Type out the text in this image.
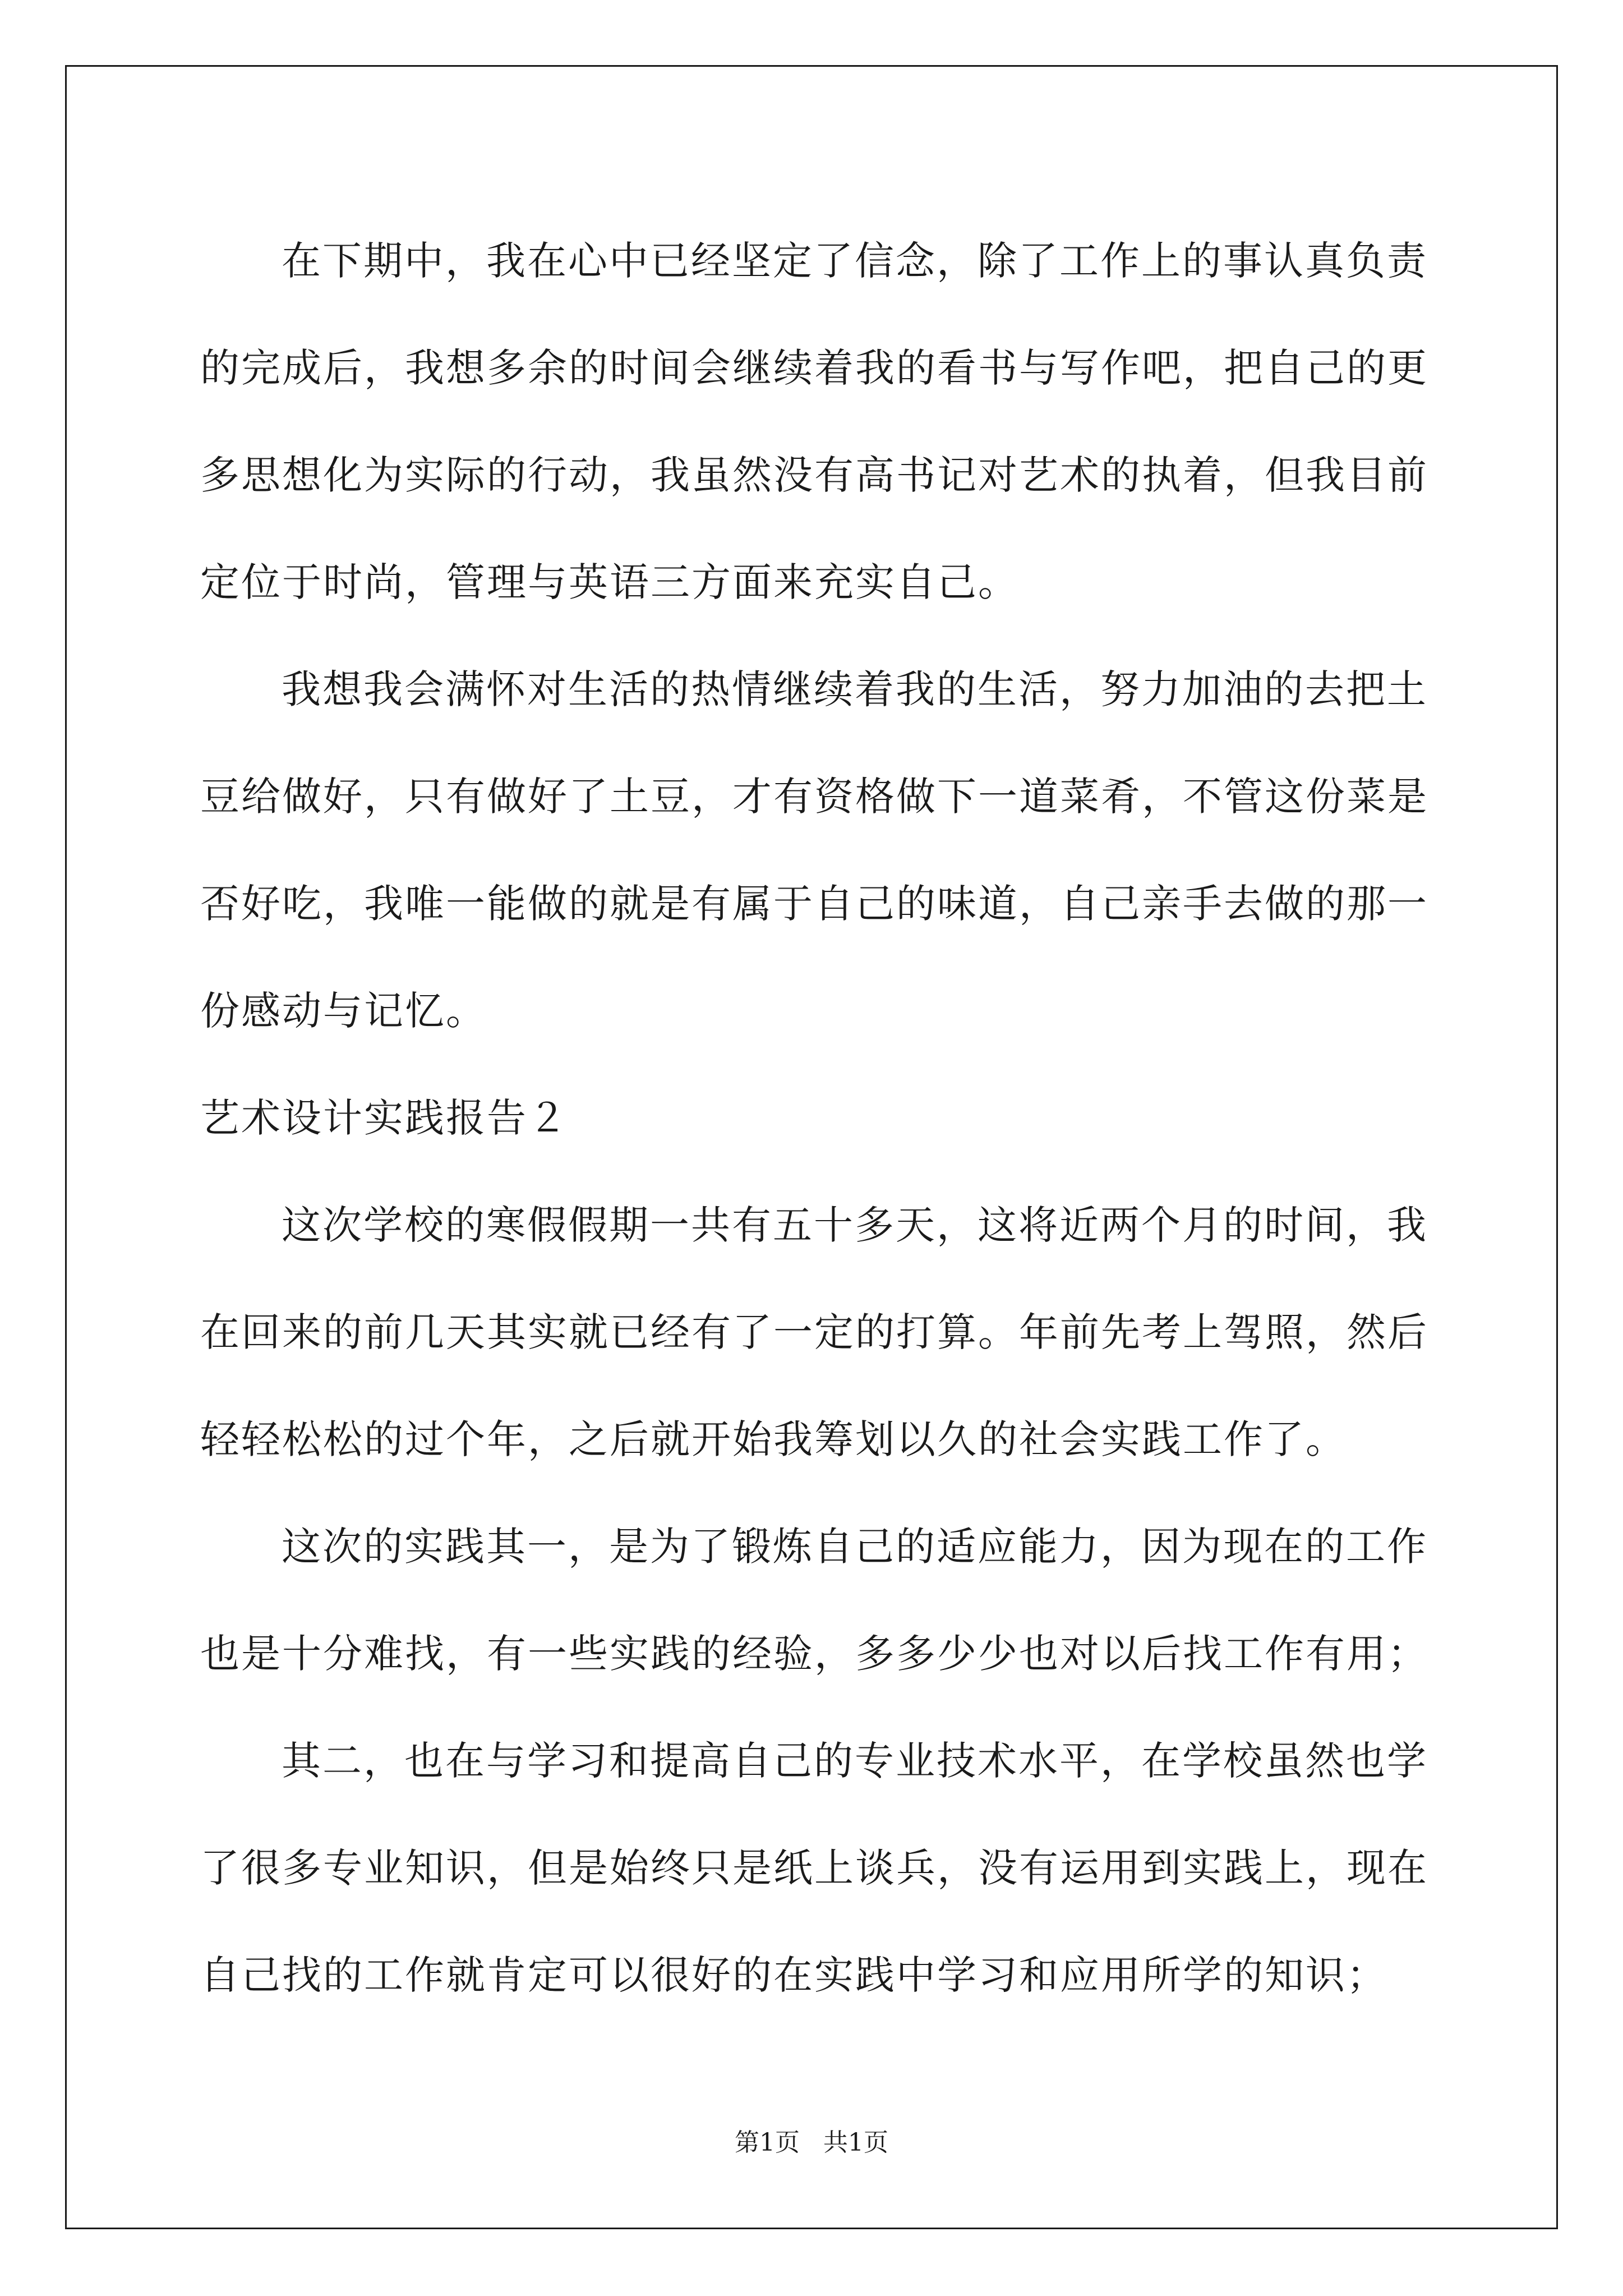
在下期中，我在心中已经坚定了信念，除了工作上的事认真负责
的完成后，我想多余的时间会继续着我的看书与写作吧，把自己的更
多思想化为实际的行动，我虽然没有高书记对艺术的执着，但我目前
定位于时尚，管理与英语三方面来充实自己。
我想我会满怀对生活的热情继续着我的生活，努力加油的去把土
豆给做好，只有做好了土豆，才有资格做下一道菜肴，不管这份菜是
否好吃，我唯一能做的就是有属于自己的味道，自己亲手去做的那一
份感动与记忆。
艺术设计实践报告２
这次学校的寒假假期一共有五十多天，这将近两个月的时间，我
在回来的前几天其实就已经有了一定的打算。年前先考上驾照，然后
轻轻松松的过个年，之后就开始我筹划以久的社会实践工作了。
这次的实践其一，是为了锻炼自己的适应能力，因为现在的工作
也是十分难找，有一些实践的经验，多多少少也对以后找工作有用；
其二，也在与学习和提高自己的专业技术水平，在学校虽然也学
了很多专业知识，但是始终只是纸上谈兵，没有运用到实践上，现在
自己找的工作就肯定可以很好的在实践中学习和应用所学的知识；
第1页   共1页
